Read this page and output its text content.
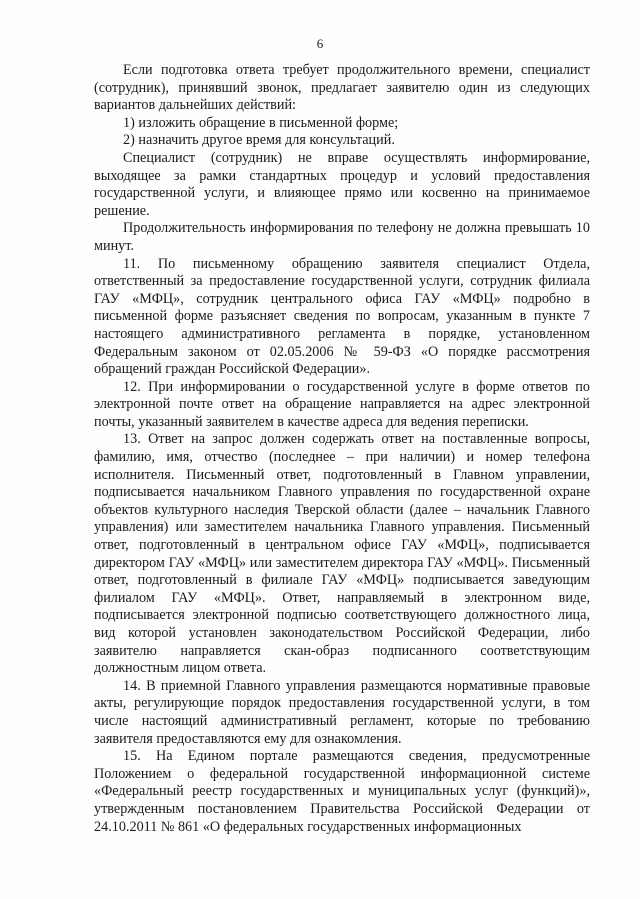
6

Если подготовка ответа требует продолжительного времени, специалист (сотрудник), принявший звонок, предлагает заявителю один из следующих вариантов дальнейших действий:

1) изложить обращение в письменной форме;

2) назначить другое время для консультаций.

Специалист (сотрудник) не вправе осуществлять информирование, выходящее за рамки стандартных процедур и условий предоставления государственной услуги, и влияющее прямо или косвенно на принимаемое решение.

Продолжительность информирования по телефону не должна превышать 10 минут.

11. По письменному обращению заявителя специалист Отдела, ответственный за предоставление государственной услуги, сотрудник филиала ГАУ «МФЦ», сотрудник центрального офиса ГАУ «МФЦ» подробно в письменной форме разъясняет сведения по вопросам, указанным в пункте 7 настоящего административного регламента в порядке, установленном Федеральным законом от 02.05.2006 № 59-ФЗ «О порядке рассмотрения обращений граждан Российской Федерации».

12. При информировании о государственной услуге в форме ответов по электронной почте ответ на обращение направляется на адрес электронной почты, указанный заявителем в качестве адреса для ведения переписки.

13. Ответ на запрос должен содержать ответ на поставленные вопросы, фамилию, имя, отчество (последнее – при наличии) и номер телефона исполнителя. Письменный ответ, подготовленный в Главном управлении, подписывается начальником Главного управления по государственной охране объектов культурного наследия Тверской области (далее – начальник Главного управления) или заместителем начальника Главного управления. Письменный ответ, подготовленный в центральном офисе ГАУ «МФЦ», подписывается директором ГАУ «МФЦ» или заместителем директора ГАУ «МФЦ». Письменный ответ, подготовленный в филиале ГАУ «МФЦ» подписывается заведующим филиалом ГАУ «МФЦ». Ответ, направляемый в электронном виде, подписывается электронной подписью соответствующего должностного лица, вид которой установлен законодательством Российской Федерации, либо заявителю направляется скан-образ подписанного соответствующим должностным лицом ответа.

14. В приемной Главного управления размещаются нормативные правовые акты, регулирующие порядок предоставления государственной услуги, в том числе настоящий административный регламент, которые по требованию заявителя предоставляются ему для ознакомления.

15. На Едином портале размещаются сведения, предусмотренные Положением о федеральной государственной информационной системе «Федеральный реестр государственных и муниципальных услуг (функций)», утвержденным постановлением Правительства Российской Федерации от 24.10.2011 № 861 «О федеральных государственных информационных
